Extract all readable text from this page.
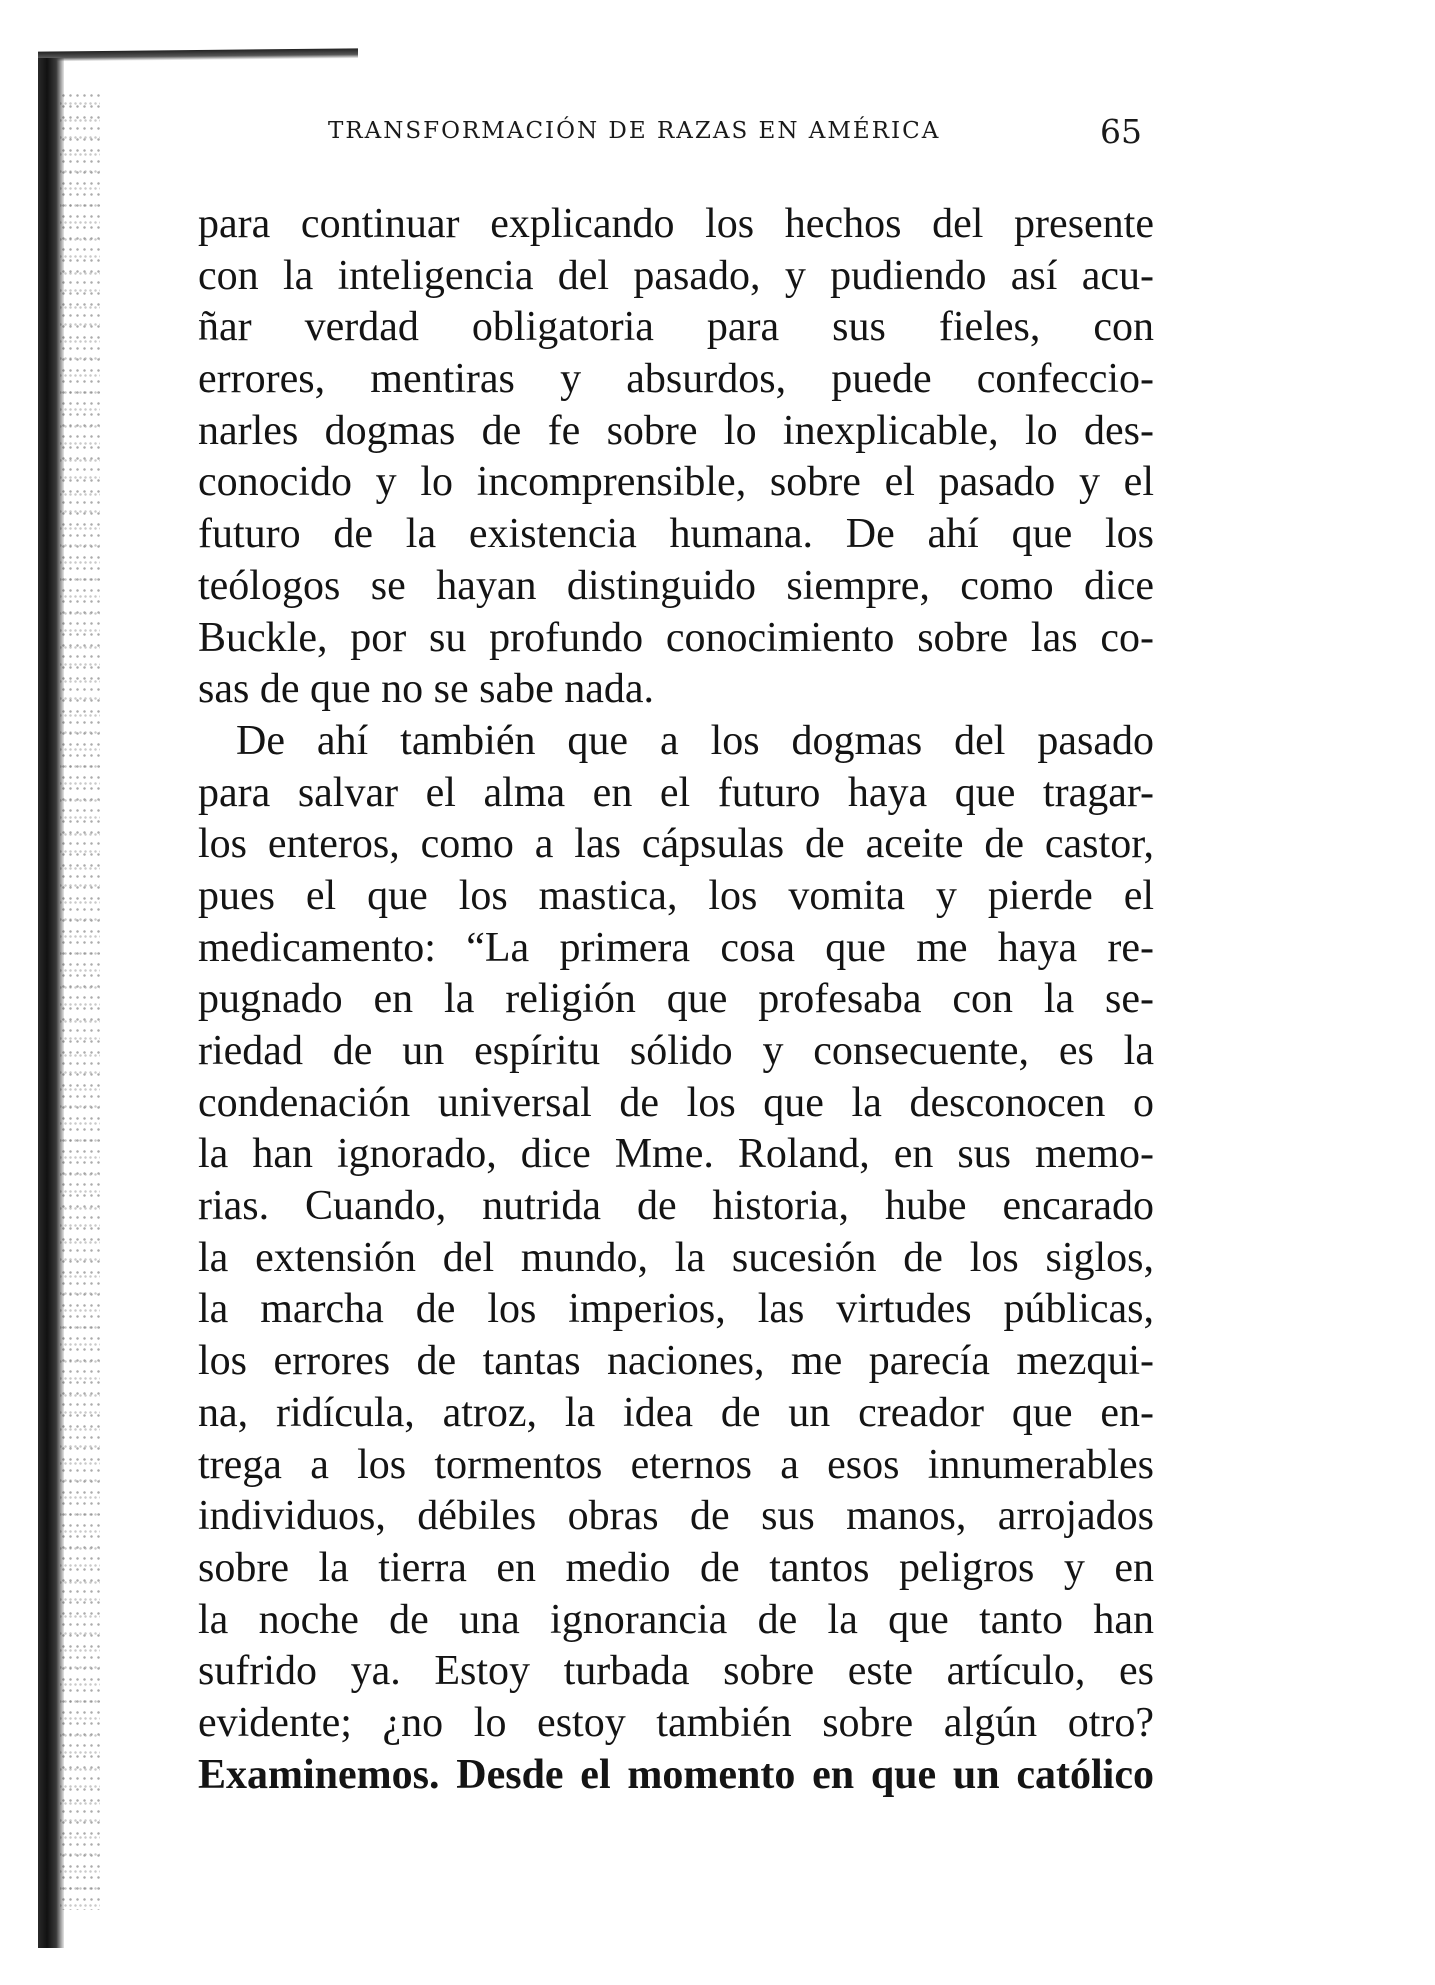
TRANSFORMACIÓN DE RAZAS EN AMÉRICA	65
para continuar explicando los hechos del presente
con la inteligencia del pasado, y pudiendo así acu-
ñar verdad obligatoria para sus fieles, con
errores, mentiras y absurdos, puede confeccio-
narles dogmas de fe sobre lo inexplicable, lo des-
conocido y lo incomprensible, sobre el pasado y el
futuro de la existencia humana. De ahí que los
teólogos se hayan distinguido siempre, como dice
Buckle, por su profundo conocimiento sobre las co-
sas de que no se sabe nada.
De ahí también que a los dogmas del pasado
para salvar el alma en el futuro haya que tragar-
los enteros, como a las cápsulas de aceite de castor,
pues el que los mastica, los vomita y pierde el
medicamento: “La primera cosa que me haya re-
pugnado en la religión que profesaba con la se-
riedad de un espíritu sólido y consecuente, es la
condenación universal de los que la desconocen o
la han ignorado, dice Mme. Roland, en sus memo-
rias. Cuando, nutrida de historia, hube encarado
la extensión del mundo, la sucesión de los siglos,
la marcha de los imperios, las virtudes públicas,
los errores de tantas naciones, me parecía mezqui-
na, ridícula, atroz, la idea de un creador que en-
trega a los tormentos eternos a esos innumerables
individuos, débiles obras de sus manos, arrojados
sobre la tierra en medio de tantos peligros y en
la noche de una ignorancia de la que tanto han
sufrido ya. Estoy turbada sobre este artículo, es
evidente; ¿no lo estoy también sobre algún otro?
Examinemos. Desde el momento en que un católico
